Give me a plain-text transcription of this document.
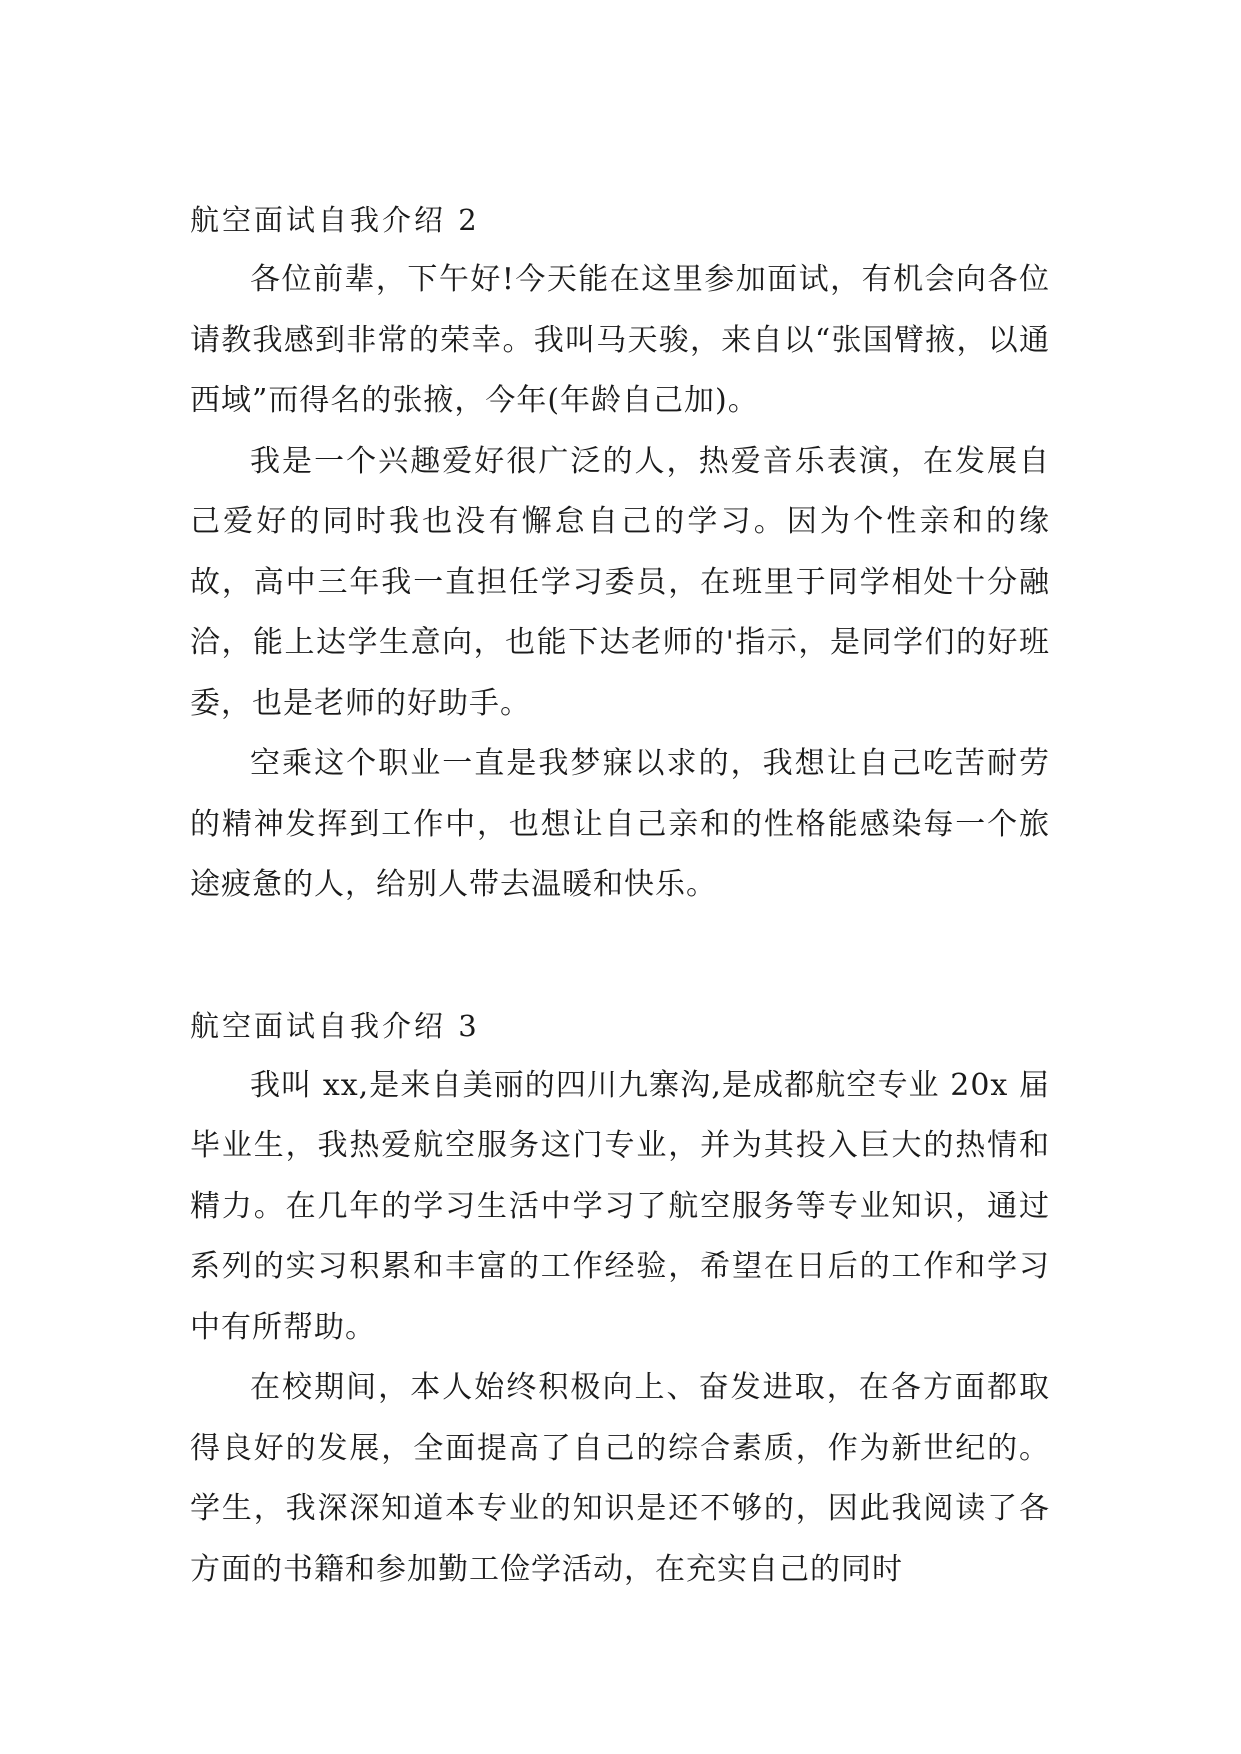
航空面试自我介绍 2

各位前辈，下午好!今天能在这里参加面试，有机会向各位请教我感到非常的荣幸。我叫马天骏，来自以“张国臂掖，以通西域”而得名的张掖，今年(年龄自己加)。

我是一个兴趣爱好很广泛的人，热爱音乐表演，在发展自己爱好的同时我也没有懈怠自己的学习。因为个性亲和的缘故，高中三年我一直担任学习委员，在班里于同学相处十分融洽，能上达学生意向，也能下达老师的'指示，是同学们的好班委，也是老师的好助手。

空乘这个职业一直是我梦寐以求的，我想让自己吃苦耐劳的精神发挥到工作中，也想让自己亲和的性格能感染每一个旅途疲惫的人，给别人带去温暖和快乐。

航空面试自我介绍 3

我叫 xx,是来自美丽的四川九寨沟,是成都航空专业 20x 届毕业生，我热爱航空服务这门专业，并为其投入巨大的热情和精力。在几年的学习生活中学习了航空服务等专业知识，通过系列的实习积累和丰富的工作经验，希望在日后的工作和学习中有所帮助。

在校期间，本人始终积极向上、奋发进取，在各方面都取得良好的发展，全面提高了自己的综合素质，作为新世纪的。学生，我深深知道本专业的知识是还不够的，因此我阅读了各方面的书籍和参加勤工俭学活动，在充实自己的同时
